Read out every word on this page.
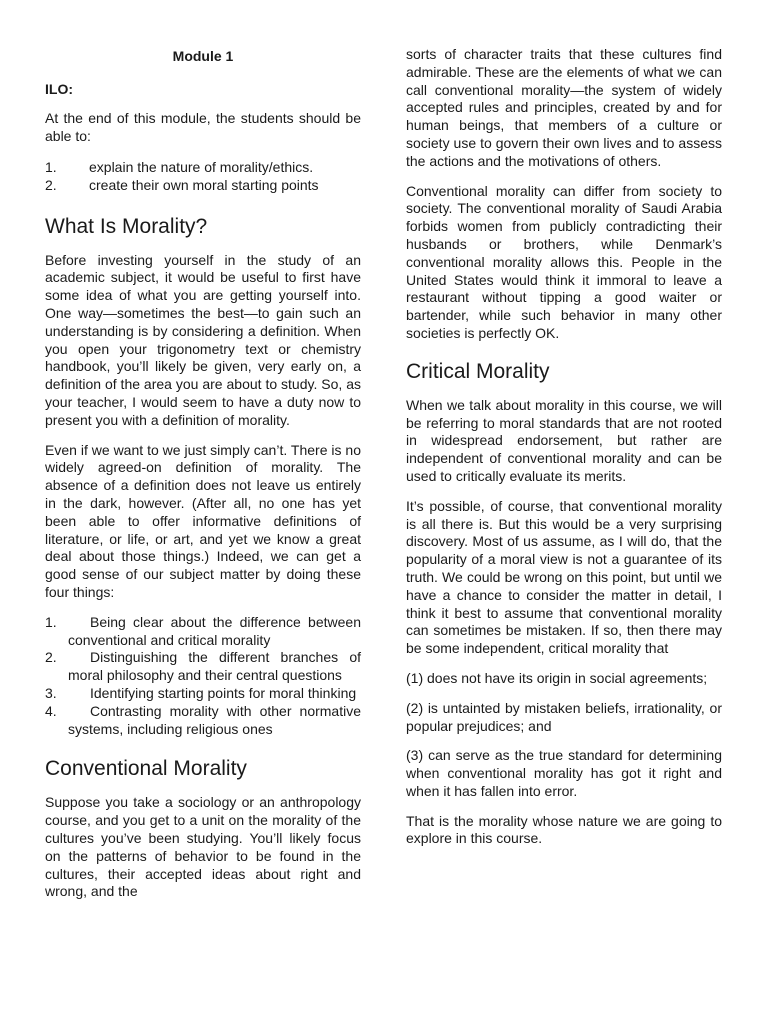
Module 1
ILO:

At the end of this module, the students should be able to:

1.	explain the nature of morality/ethics.
2.	create their own moral starting points
What Is Morality?

Before investing yourself in the study of an academic subject, it would be useful to first have some idea of what you are getting yourself into. One way—sometimes the best—to gain such an understanding is by considering a definition. When you open your trigonometry text or chemistry handbook, you’ll likely be given, very early on, a definition of the area you are about to study. So, as your teacher, I would seem to have a duty now to present you with a definition of morality.

Even if we want to we just simply can’t. There is no widely agreed-on definition of morality. The absence of a definition does not leave us entirely in the dark, however. (After all, no one has yet been able to offer informative definitions of literature, or life, or art, and yet we know a great deal about those things.) Indeed, we can get a good sense of our subject matter by doing these four things:

1.	Being clear about the difference between conventional and critical morality
2.	Distinguishing the different branches of moral philosophy and their central questions
3.	Identifying starting points for moral thinking
4.	Contrasting morality with other normative systems, including religious ones
Conventional Morality

Suppose you take a sociology or an anthropology course, and you get to a unit on the morality of the cultures you’ve been studying. You’ll likely focus on the patterns of behavior to be found in the cultures, their accepted ideas about right and wrong, and the

sorts of character traits that these cultures find admirable. These are the elements of what we can call conventional morality—the system of widely accepted rules and principles, created by and for human beings, that members of a culture or society use to govern their own lives and to assess the actions and the motivations of others.

Conventional morality can differ from society to society. The conventional morality of Saudi Arabia forbids women from publicly contradicting their husbands or brothers, while Denmark’s conventional morality allows this. People in the United States would think it immoral to leave a restaurant without tipping a good waiter or bartender, while such behavior in many other societies is perfectly OK.

Critical Morality

When we talk about morality in this course, we will be referring to moral standards that are not rooted in widespread endorsement, but rather are independent of conventional morality and can be used to critically evaluate its merits.

It’s possible, of course, that conventional morality is all there is. But this would be a very surprising discovery. Most of us assume, as I will do, that the popularity of a moral view is not a guarantee of its truth. We could be wrong on this point, but until we have a chance to consider the matter in detail, I think it best to assume that conventional morality can sometimes be mistaken. If so, then there may be some independent, critical morality that

(1) does not have its origin in social agreements;

(2) is untainted by mistaken beliefs, irrationality, or popular prejudices; and

(3) can serve as the true standard for determining when conventional morality has got it right and when it has fallen into error.

That is the morality whose nature we are going to explore in this course.
